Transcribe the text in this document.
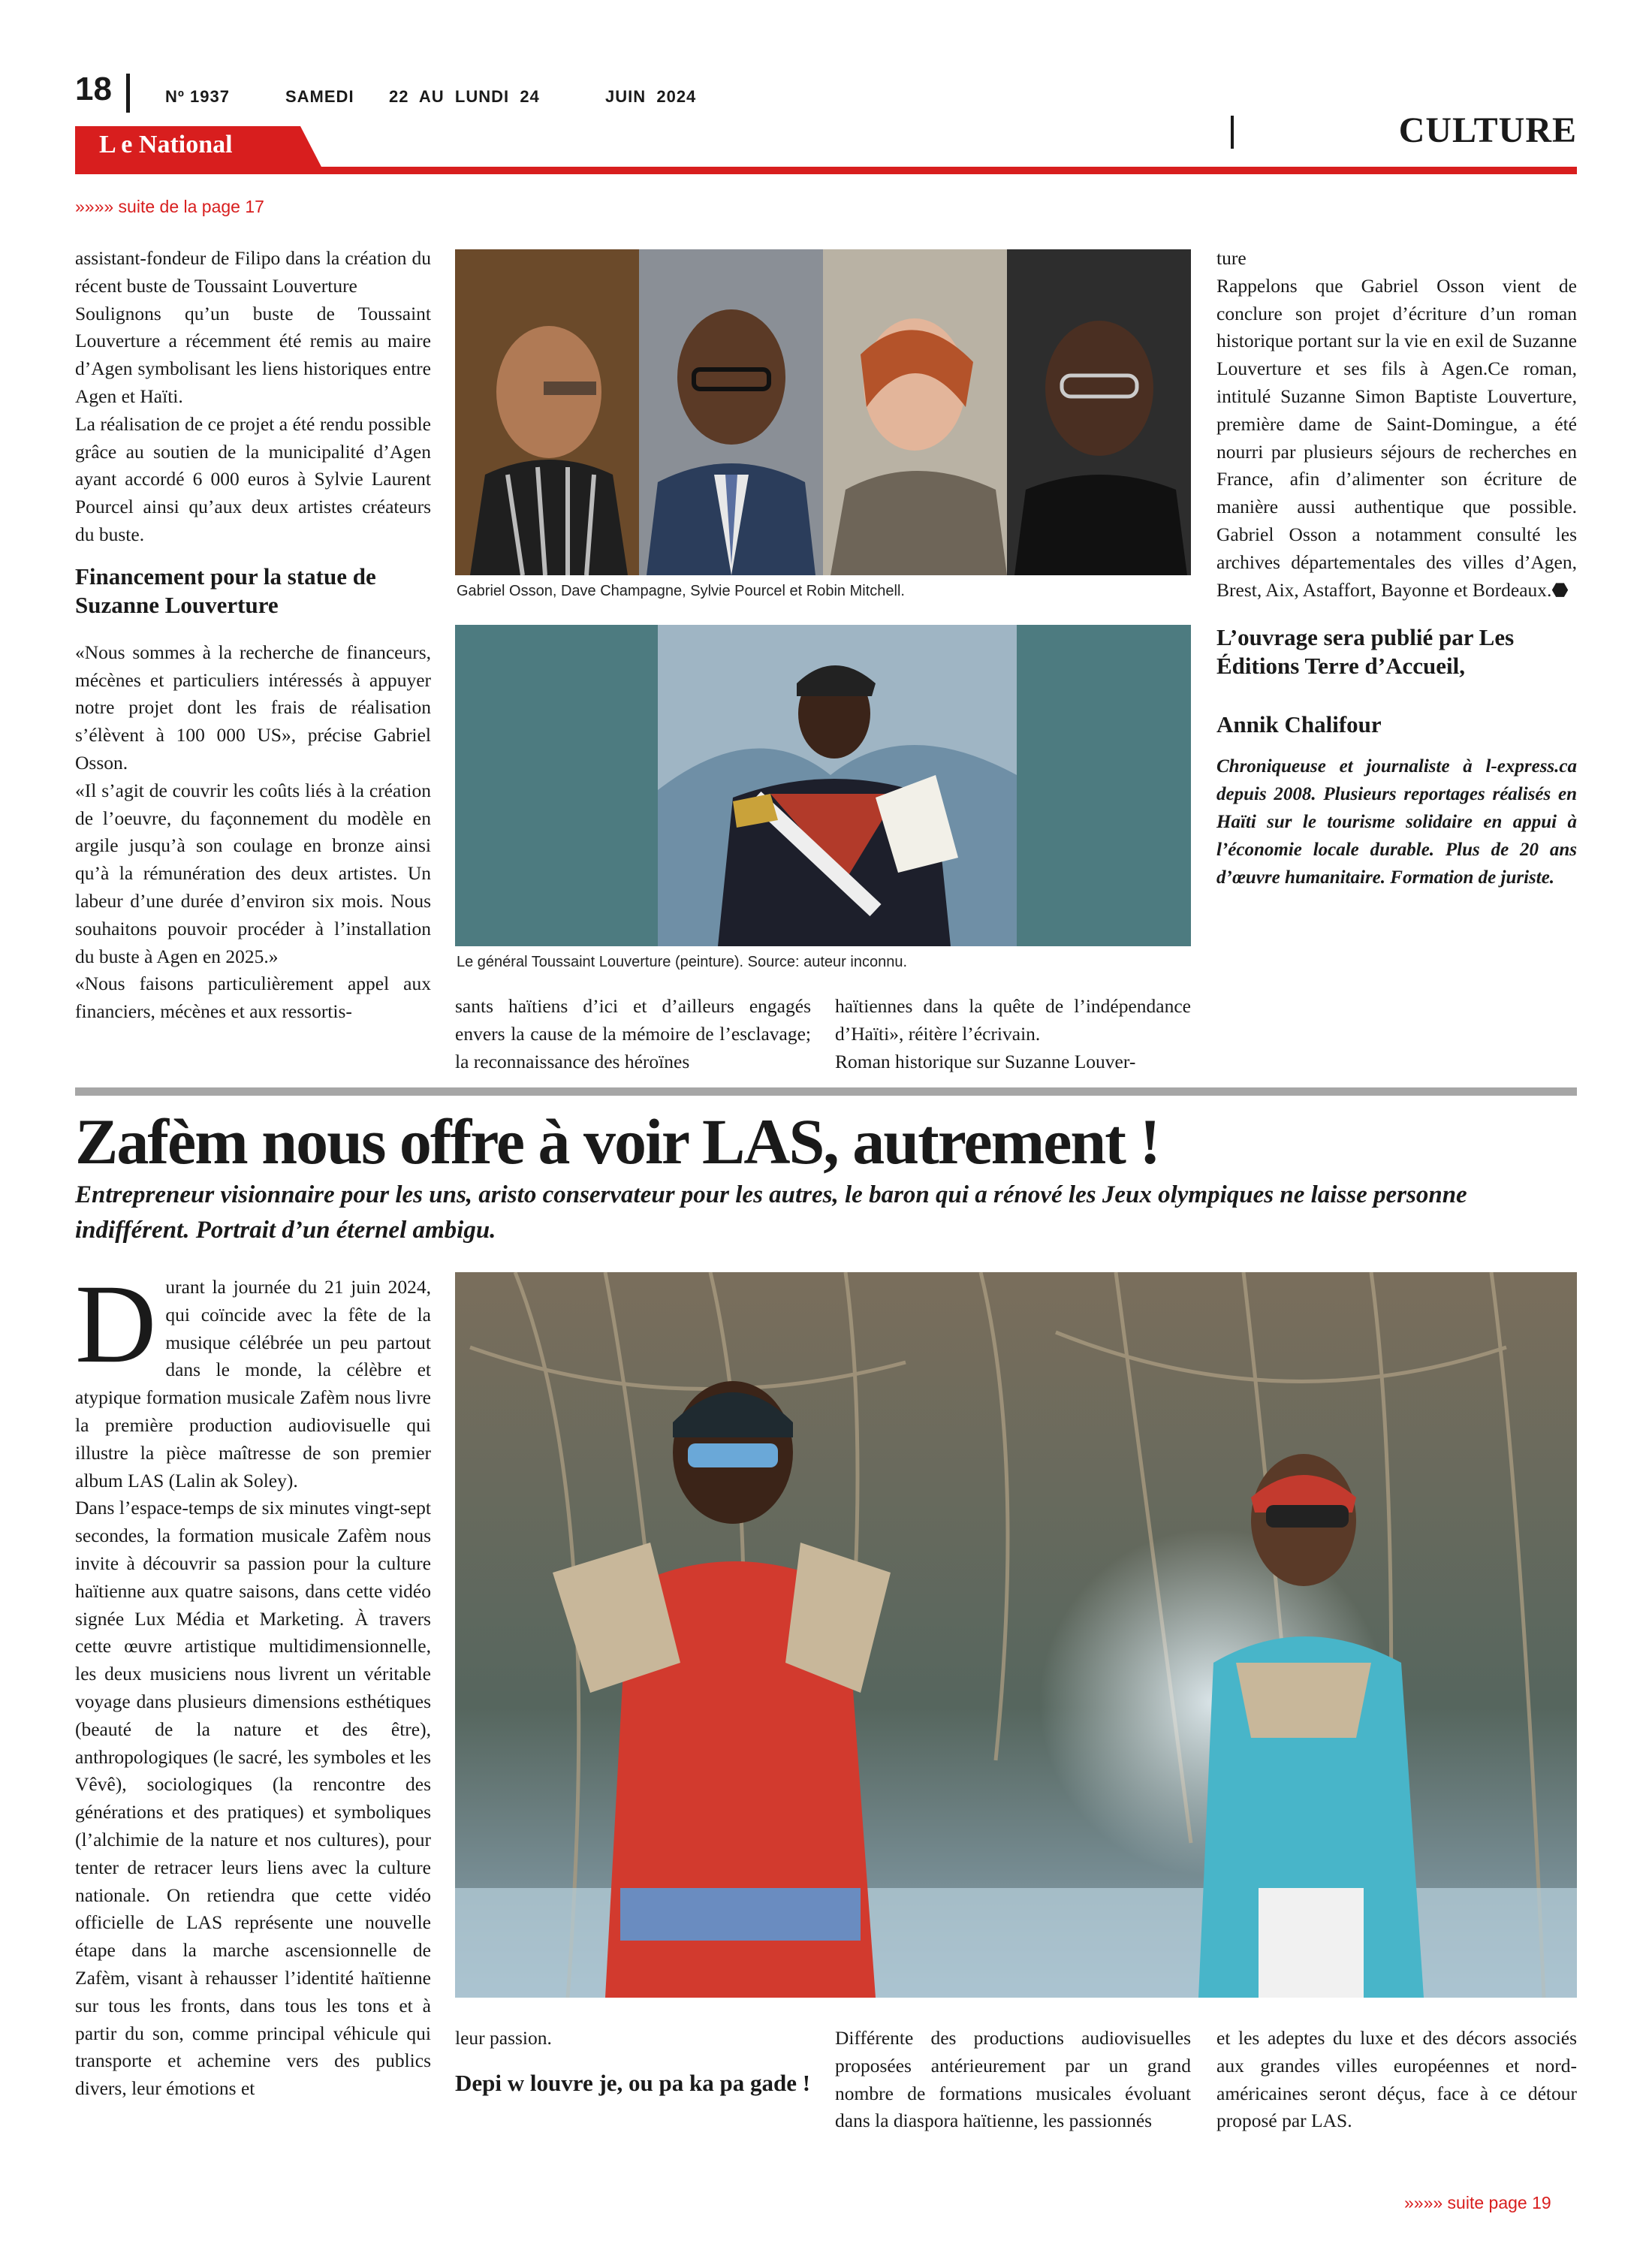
18	Nº 1937	SAMEDI 22  AU  LUNDI  24	JUIN  2024
L e National	CULTURE
»»»» suite de la page 17

assistant-fondeur de Filipo dans la création du récent buste de Toussaint Louverture

Soulignons qu’un buste de Toussaint Louverture a récemment été remis au maire d’Agen symbolisant les liens historiques entre Agen et Haïti.

La réalisation de ce projet a été rendu possible grâce au soutien de la municipalité d’Agen ayant accordé 6 000 euros à Sylvie Laurent Pourcel ainsi qu’aux deux artistes créateurs du buste.

Financement pour la statue de Suzanne Louverture

«Nous sommes à la recherche de financeurs, mécènes et particuliers intéressés à appuyer notre projet dont les frais de réalisation s’élèvent à 100 000 US», précise Gabriel Osson.

«Il s’agit de couvrir les coûts liés à la création de l’oeuvre, du façonnement du modèle en argile jusqu’à son coulage en bronze ainsi qu’à la rémunération des deux artistes. Un labeur d’une durée d’environ six mois. Nous souhaitons pouvoir procéder à l’installation du buste à Agen en 2025.»

«Nous faisons particulièrement appel aux financiers, mécènes et aux ressortis-

Gabriel Osson, Dave Champagne, Sylvie Pourcel et Robin Mitchell.
Le général Toussaint Louverture (peinture). Source: auteur inconnu.

sants haïtiens d’ici et d’ailleurs engagés envers la cause de la mémoire de l’esclavage; la reconnaissance des héroïnes

haïtiennes dans la quête de l’indépendance d’Haïti», réitère l’écrivain.

Roman historique sur Suzanne Louver-

ture

Rappelons que Gabriel Osson vient de conclure son projet d’écriture d’un roman historique portant sur la vie en exil de Suzanne Louverture et ses fils à Agen.Ce roman, intitulé Suzanne Simon Baptiste Louverture, première dame de Saint-Domingue, a été nourri par plusieurs séjours de recherches en France, afin d’alimenter son écriture de manière aussi authentique que possible. Gabriel Osson a notamment consulté les archives départementales des villes d’Agen, Brest, Aix, Astaffort, Bayonne et Bordeaux.⬣

L’ouvrage sera publié par Les Éditions Terre d’Accueil,
Annik Chalifour
Chroniqueuse et journaliste à l-express.ca depuis 2008. Plusieurs reportages réalisés en Haïti sur le tourisme solidaire en appui à l’économie locale durable. Plus de 20 ans d’œuvre humanitaire. Formation de juriste.
Zafèm nous offre à voir LAS, autrement !
Entrepreneur visionnaire pour les uns, aristo conservateur pour les autres, le baron qui a rénové les Jeux olympiques ne laisse personne indifférent. Portrait d’un éternel ambigu.

Durant la journée du 21 juin 2024, qui coïncide avec la fête de la musique célébrée un peu partout dans le monde, la célèbre et atypique formation musicale Zafèm nous livre la première production audiovisuelle qui illustre la pièce maîtresse de son premier album LAS (Lalin ak Soley).

Dans l’espace-temps de six minutes vingt-sept secondes, la formation musicale Zafèm nous invite à découvrir sa passion pour la culture haïtienne aux quatre saisons, dans cette vidéo signée Lux Média et Marketing. À travers cette œuvre artistique multidimensionnelle, les deux musiciens nous livrent un véritable voyage dans plusieurs dimensions esthétiques (beauté de la nature et des être), anthropologiques (le sacré, les symboles et les Vêvê), sociologiques (la rencontre des générations et des pratiques) et symboliques (l’alchimie de la nature et nos cultures), pour tenter de retracer leurs liens avec la culture nationale. On retiendra que cette vidéo officielle de LAS représente une nouvelle étape dans la marche ascensionnelle de Zafèm, visant à rehausser l’identité haïtienne sur tous les fronts, dans tous les tons et à partir du son, comme principal véhicule qui transporte et achemine vers des publics divers, leur émotions et

leur passion.

Depi w louvre je, ou pa ka pa gade !

Différente des productions audiovisuelles proposées antérieurement par un grand nombre de formations musicales évoluant dans la diaspora haïtienne, les passionnés

et les adeptes du luxe et des décors associés aux grandes villes européennes et nord-américaines seront déçus, face à ce détour proposé par LAS.

»»»» suite page 19
